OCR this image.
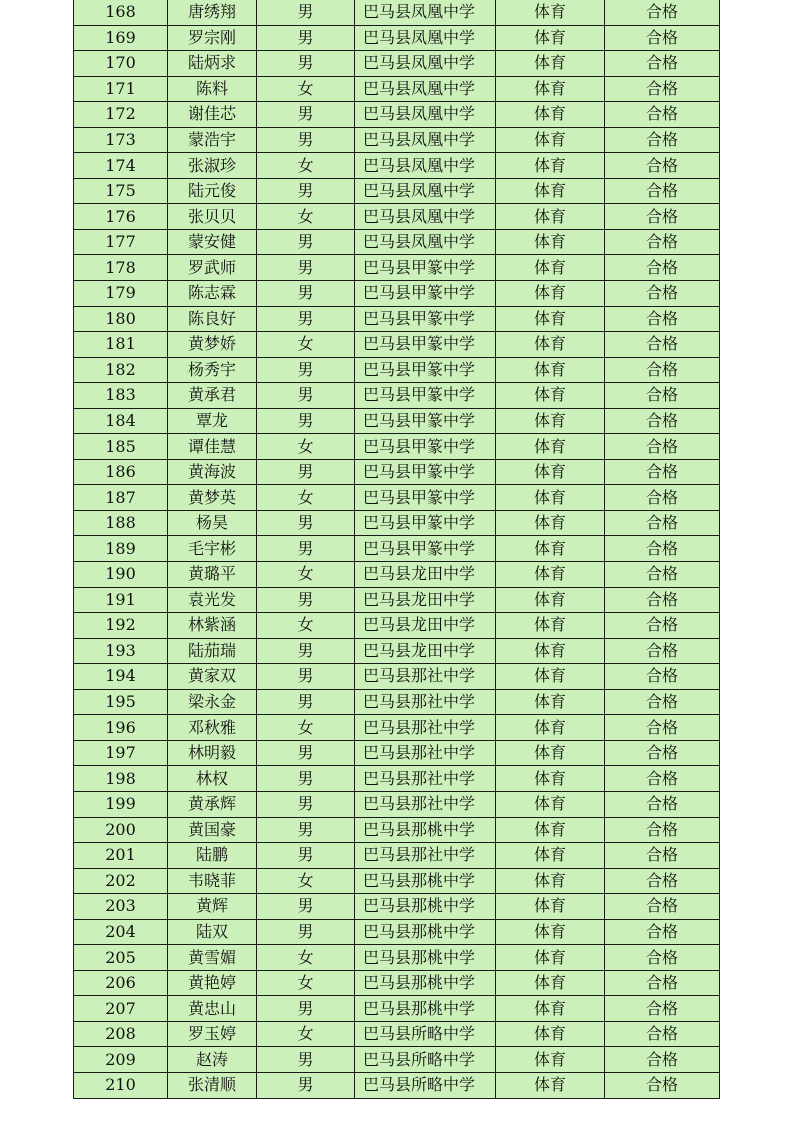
168	唐绣翔	男	巴马县凤凰中学	体育	合格
169	罗宗刚	男	巴马县凤凰中学	体育	合格
170	陆炳求	男	巴马县凤凰中学	体育	合格
171	陈料	女	巴马县凤凰中学	体育	合格
172	谢佳芯	男	巴马县凤凰中学	体育	合格
173	蒙浩宇	男	巴马县凤凰中学	体育	合格
174	张淑珍	女	巴马县凤凰中学	体育	合格
175	陆元俊	男	巴马县凤凰中学	体育	合格
176	张贝贝	女	巴马县凤凰中学	体育	合格
177	蒙安健	男	巴马县凤凰中学	体育	合格
178	罗武师	男	巴马县甲篆中学	体育	合格
179	陈志霖	男	巴马县甲篆中学	体育	合格
180	陈良好	男	巴马县甲篆中学	体育	合格
181	黄梦娇	女	巴马县甲篆中学	体育	合格
182	杨秀宇	男	巴马县甲篆中学	体育	合格
183	黄承君	男	巴马县甲篆中学	体育	合格
184	覃龙	男	巴马县甲篆中学	体育	合格
185	谭佳慧	女	巴马县甲篆中学	体育	合格
186	黄海波	男	巴马县甲篆中学	体育	合格
187	黄梦英	女	巴马县甲篆中学	体育	合格
188	杨昊	男	巴马县甲篆中学	体育	合格
189	毛宇彬	男	巴马县甲篆中学	体育	合格
190	黄璐平	女	巴马县龙田中学	体育	合格
191	袁光发	男	巴马县龙田中学	体育	合格
192	林紫涵	女	巴马县龙田中学	体育	合格
193	陆茄瑞	男	巴马县龙田中学	体育	合格
194	黄家双	男	巴马县那社中学	体育	合格
195	梁永金	男	巴马县那社中学	体育	合格
196	邓秋雅	女	巴马县那社中学	体育	合格
197	林明毅	男	巴马县那社中学	体育	合格
198	林权	男	巴马县那社中学	体育	合格
199	黄承辉	男	巴马县那社中学	体育	合格
200	黄国豪	男	巴马县那桃中学	体育	合格
201	陆鹏	男	巴马县那社中学	体育	合格
202	韦晓菲	女	巴马县那桃中学	体育	合格
203	黄辉	男	巴马县那桃中学	体育	合格
204	陆双	男	巴马县那桃中学	体育	合格
205	黄雪媚	女	巴马县那桃中学	体育	合格
206	黄艳婷	女	巴马县那桃中学	体育	合格
207	黄忠山	男	巴马县那桃中学	体育	合格
208	罗玉婷	女	巴马县所略中学	体育	合格
209	赵涛	男	巴马县所略中学	体育	合格
210	张清顺	男	巴马县所略中学	体育	合格
